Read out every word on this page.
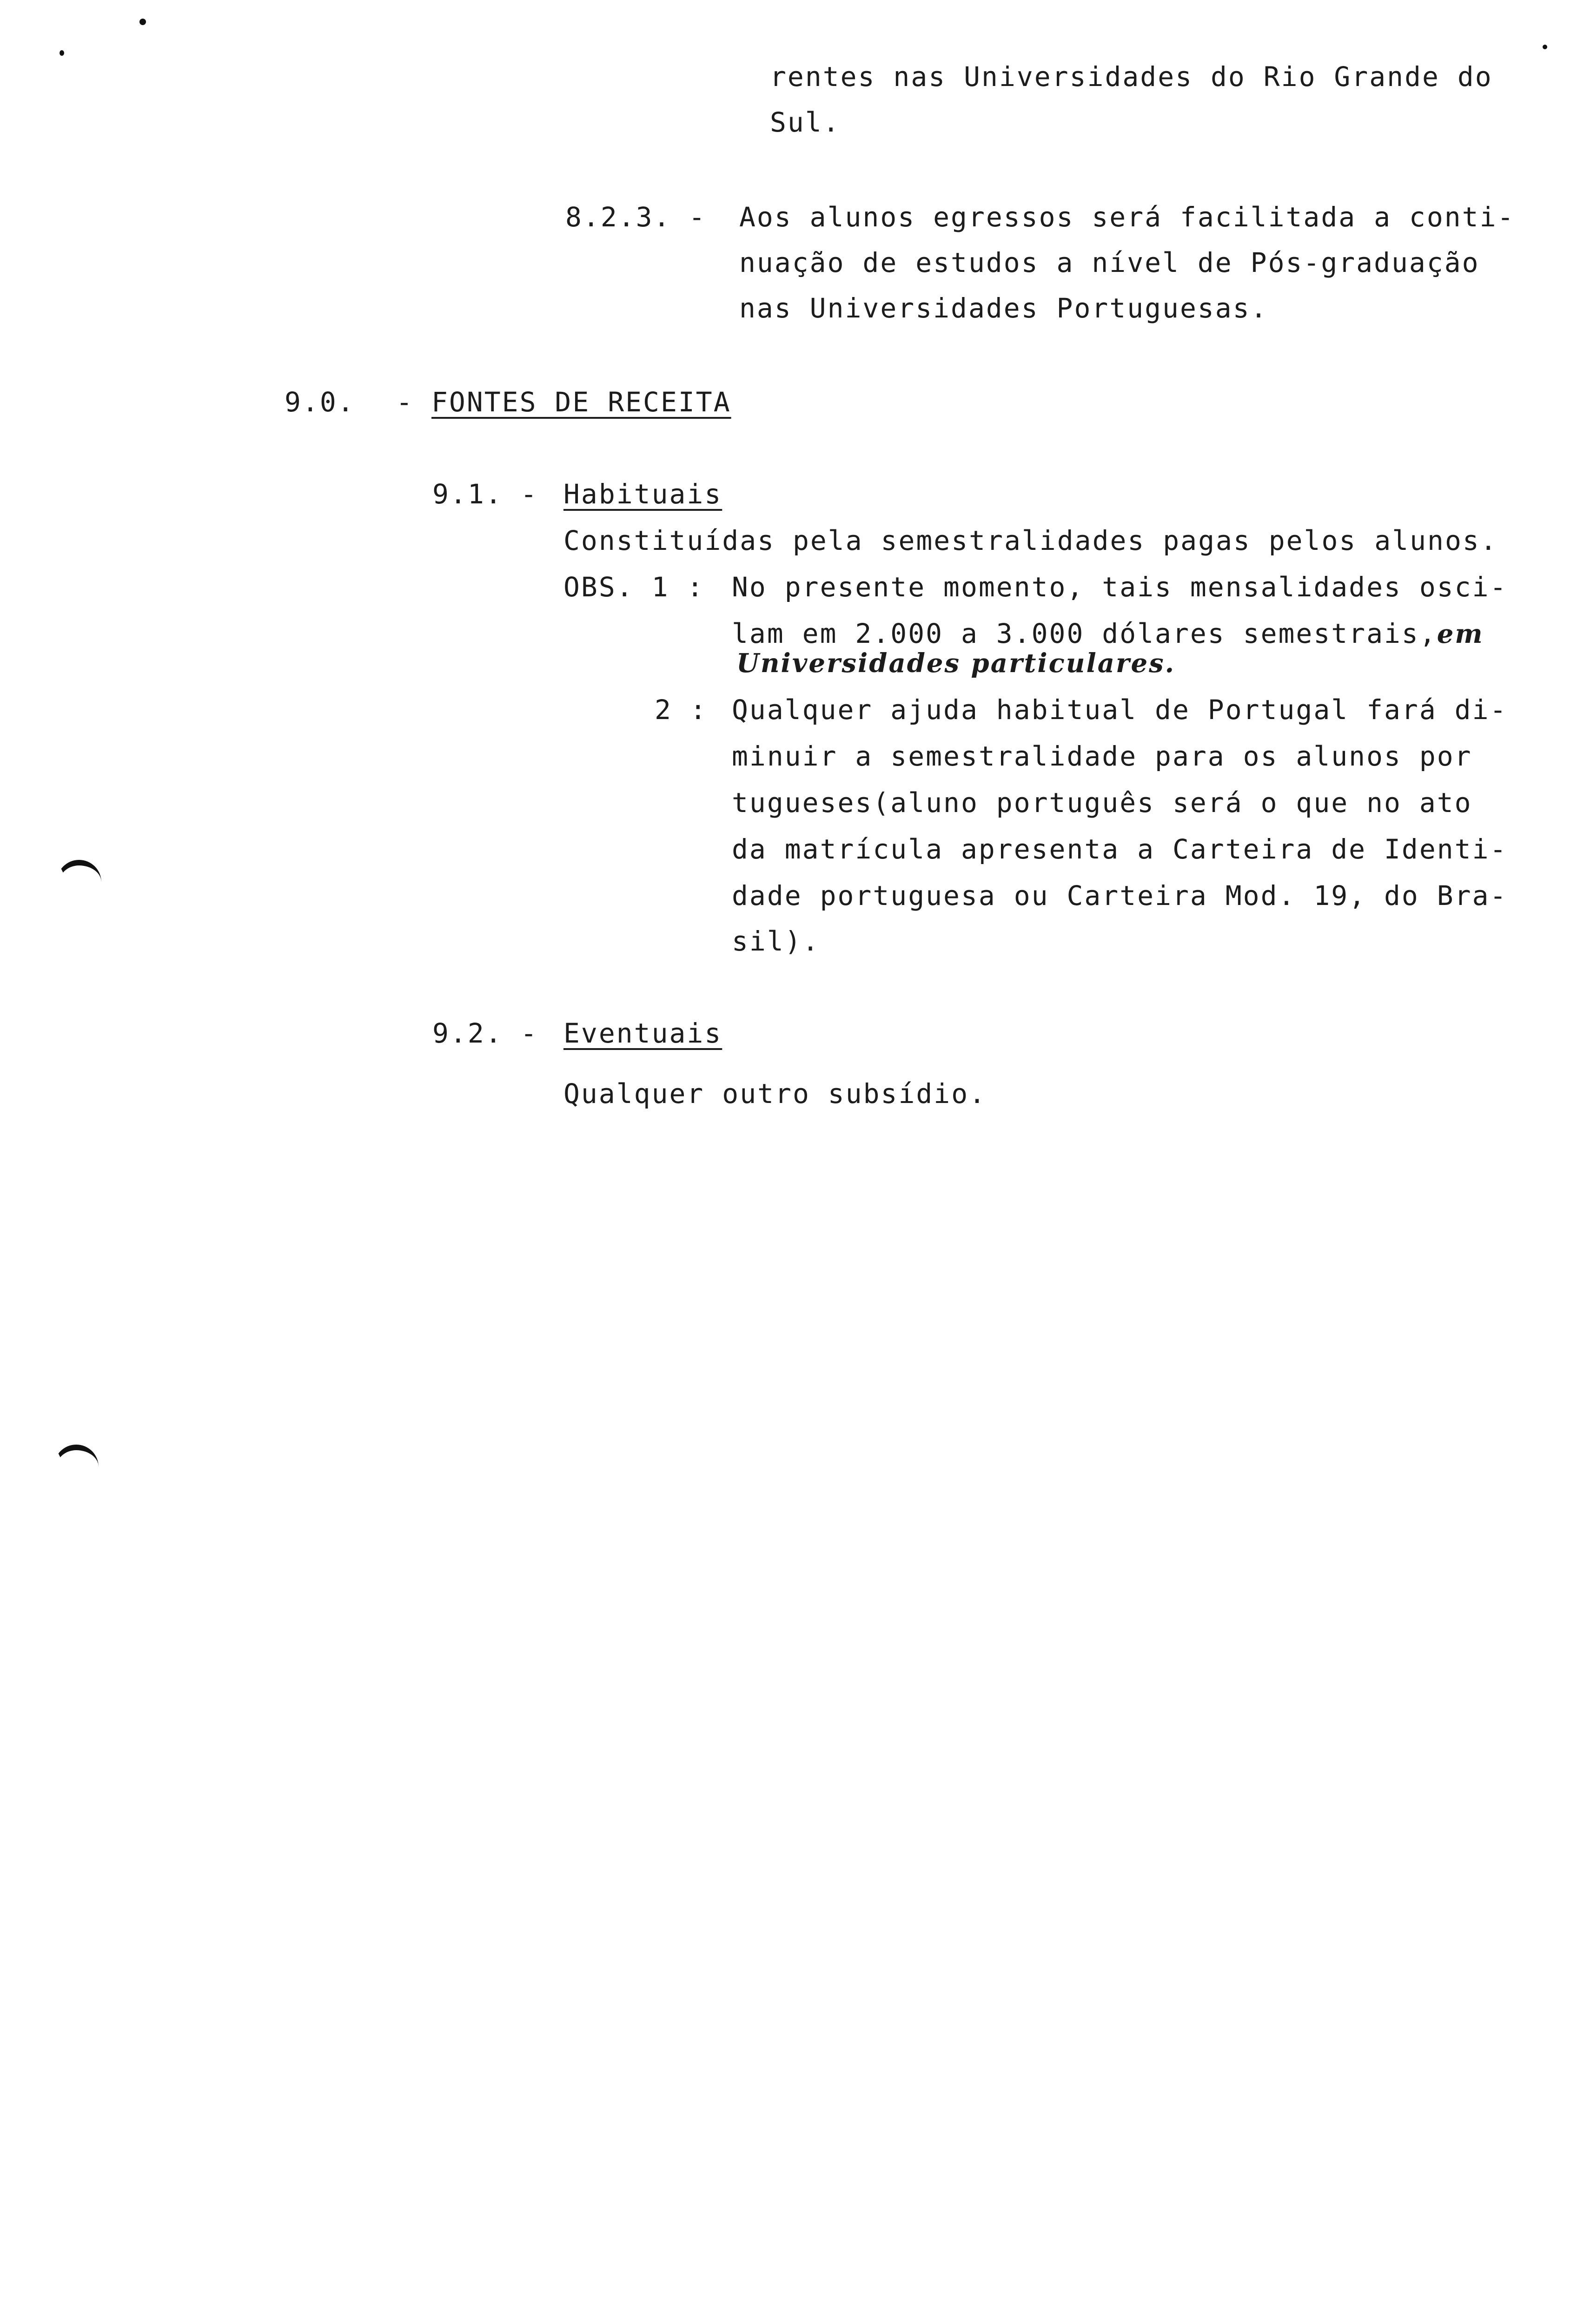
rentes nas Universidades do Rio Grande do
Sul.
8.2.3. - Aos alunos egressos será facilitada a conti-
nuação de estudos a nível de Pós-graduação
nas Universidades Portuguesas.
9.0. - FONTES DE RECEITA
9.1. - Habituais
Constituídas pela semestralidades pagas pelos alunos.
OBS. 1 : No presente momento, tais mensalidades osci-
lam em 2.000 a 3.000 dólares semestrais,em
Universidades particulares.
2 : Qualquer ajuda habitual de Portugal fará di-
minuir a semestralidade para os alunos por
tugueses(aluno português será o que no ato
da matrícula apresenta a Carteira de Identi-
dade portuguesa ou Carteira Mod. 19, do Bra-
sil).
9.2. - Eventuais
Qualquer outro subsídio.
